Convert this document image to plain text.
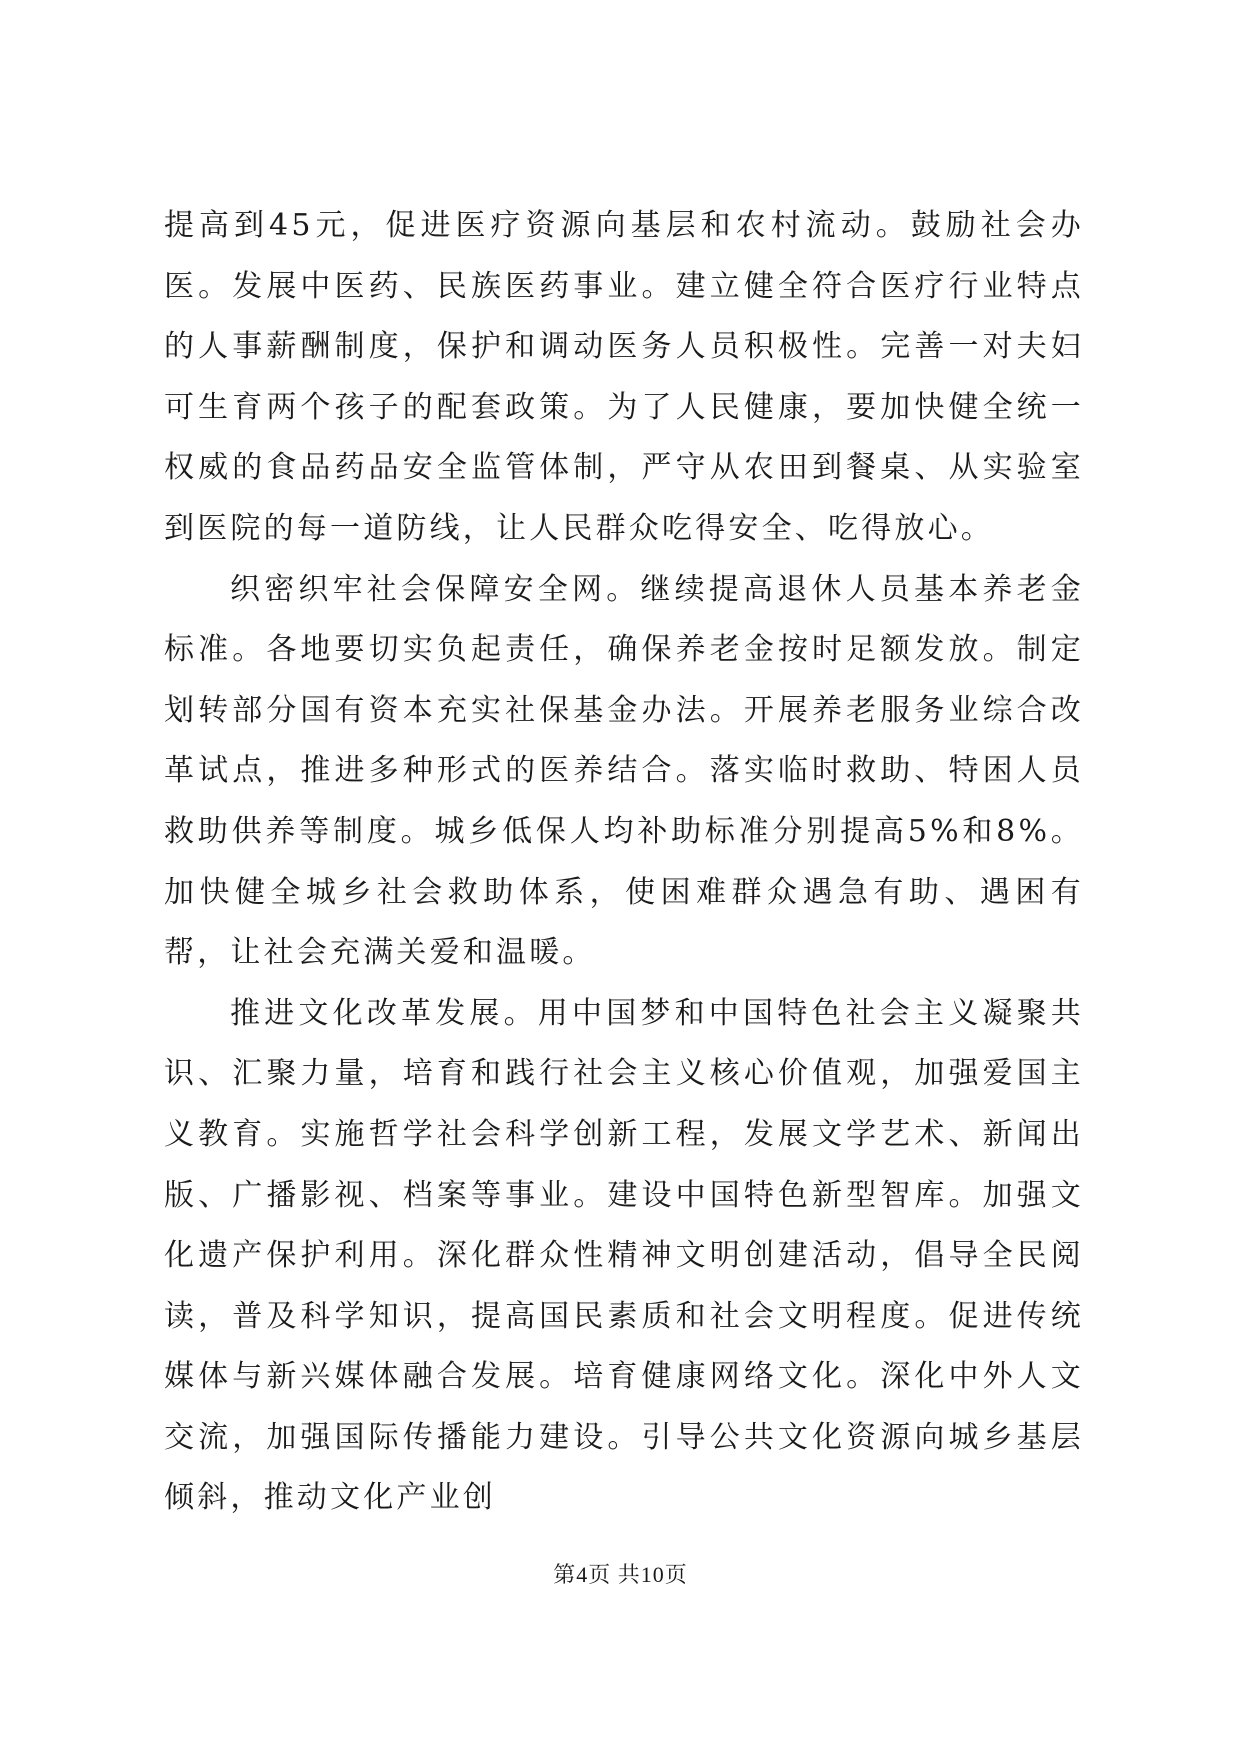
提高到45元，促进医疗资源向基层和农村流动。鼓励社会办医。发展中医药、民族医药事业。建立健全符合医疗行业特点的人事薪酬制度，保护和调动医务人员积极性。完善一对夫妇可生育两个孩子的配套政策。为了人民健康，要加快健全统一权威的食品药品安全监管体制，严守从农田到餐桌、从实验室到医院的每一道防线，让人民群众吃得安全、吃得放心。

织密织牢社会保障安全网。继续提高退休人员基本养老金标准。各地要切实负起责任，确保养老金按时足额发放。制定划转部分国有资本充实社保基金办法。开展养老服务业综合改革试点，推进多种形式的医养结合。落实临时救助、特困人员救助供养等制度。城乡低保人均补助标准分别提高5%和8%。加快健全城乡社会救助体系，使困难群众遇急有助、遇困有帮，让社会充满关爱和温暖。

推进文化改革发展。用中国梦和中国特色社会主义凝聚共识、汇聚力量，培育和践行社会主义核心价值观，加强爱国主义教育。实施哲学社会科学创新工程，发展文学艺术、新闻出版、广播影视、档案等事业。建设中国特色新型智库。加强文化遗产保护利用。深化群众性精神文明创建活动，倡导全民阅读，普及科学知识，提高国民素质和社会文明程度。促进传统媒体与新兴媒体融合发展。培育健康网络文化。深化中外人文交流，加强国际传播能力建设。引导公共文化资源向城乡基层倾斜，推动文化产业创

第4页 共10页
